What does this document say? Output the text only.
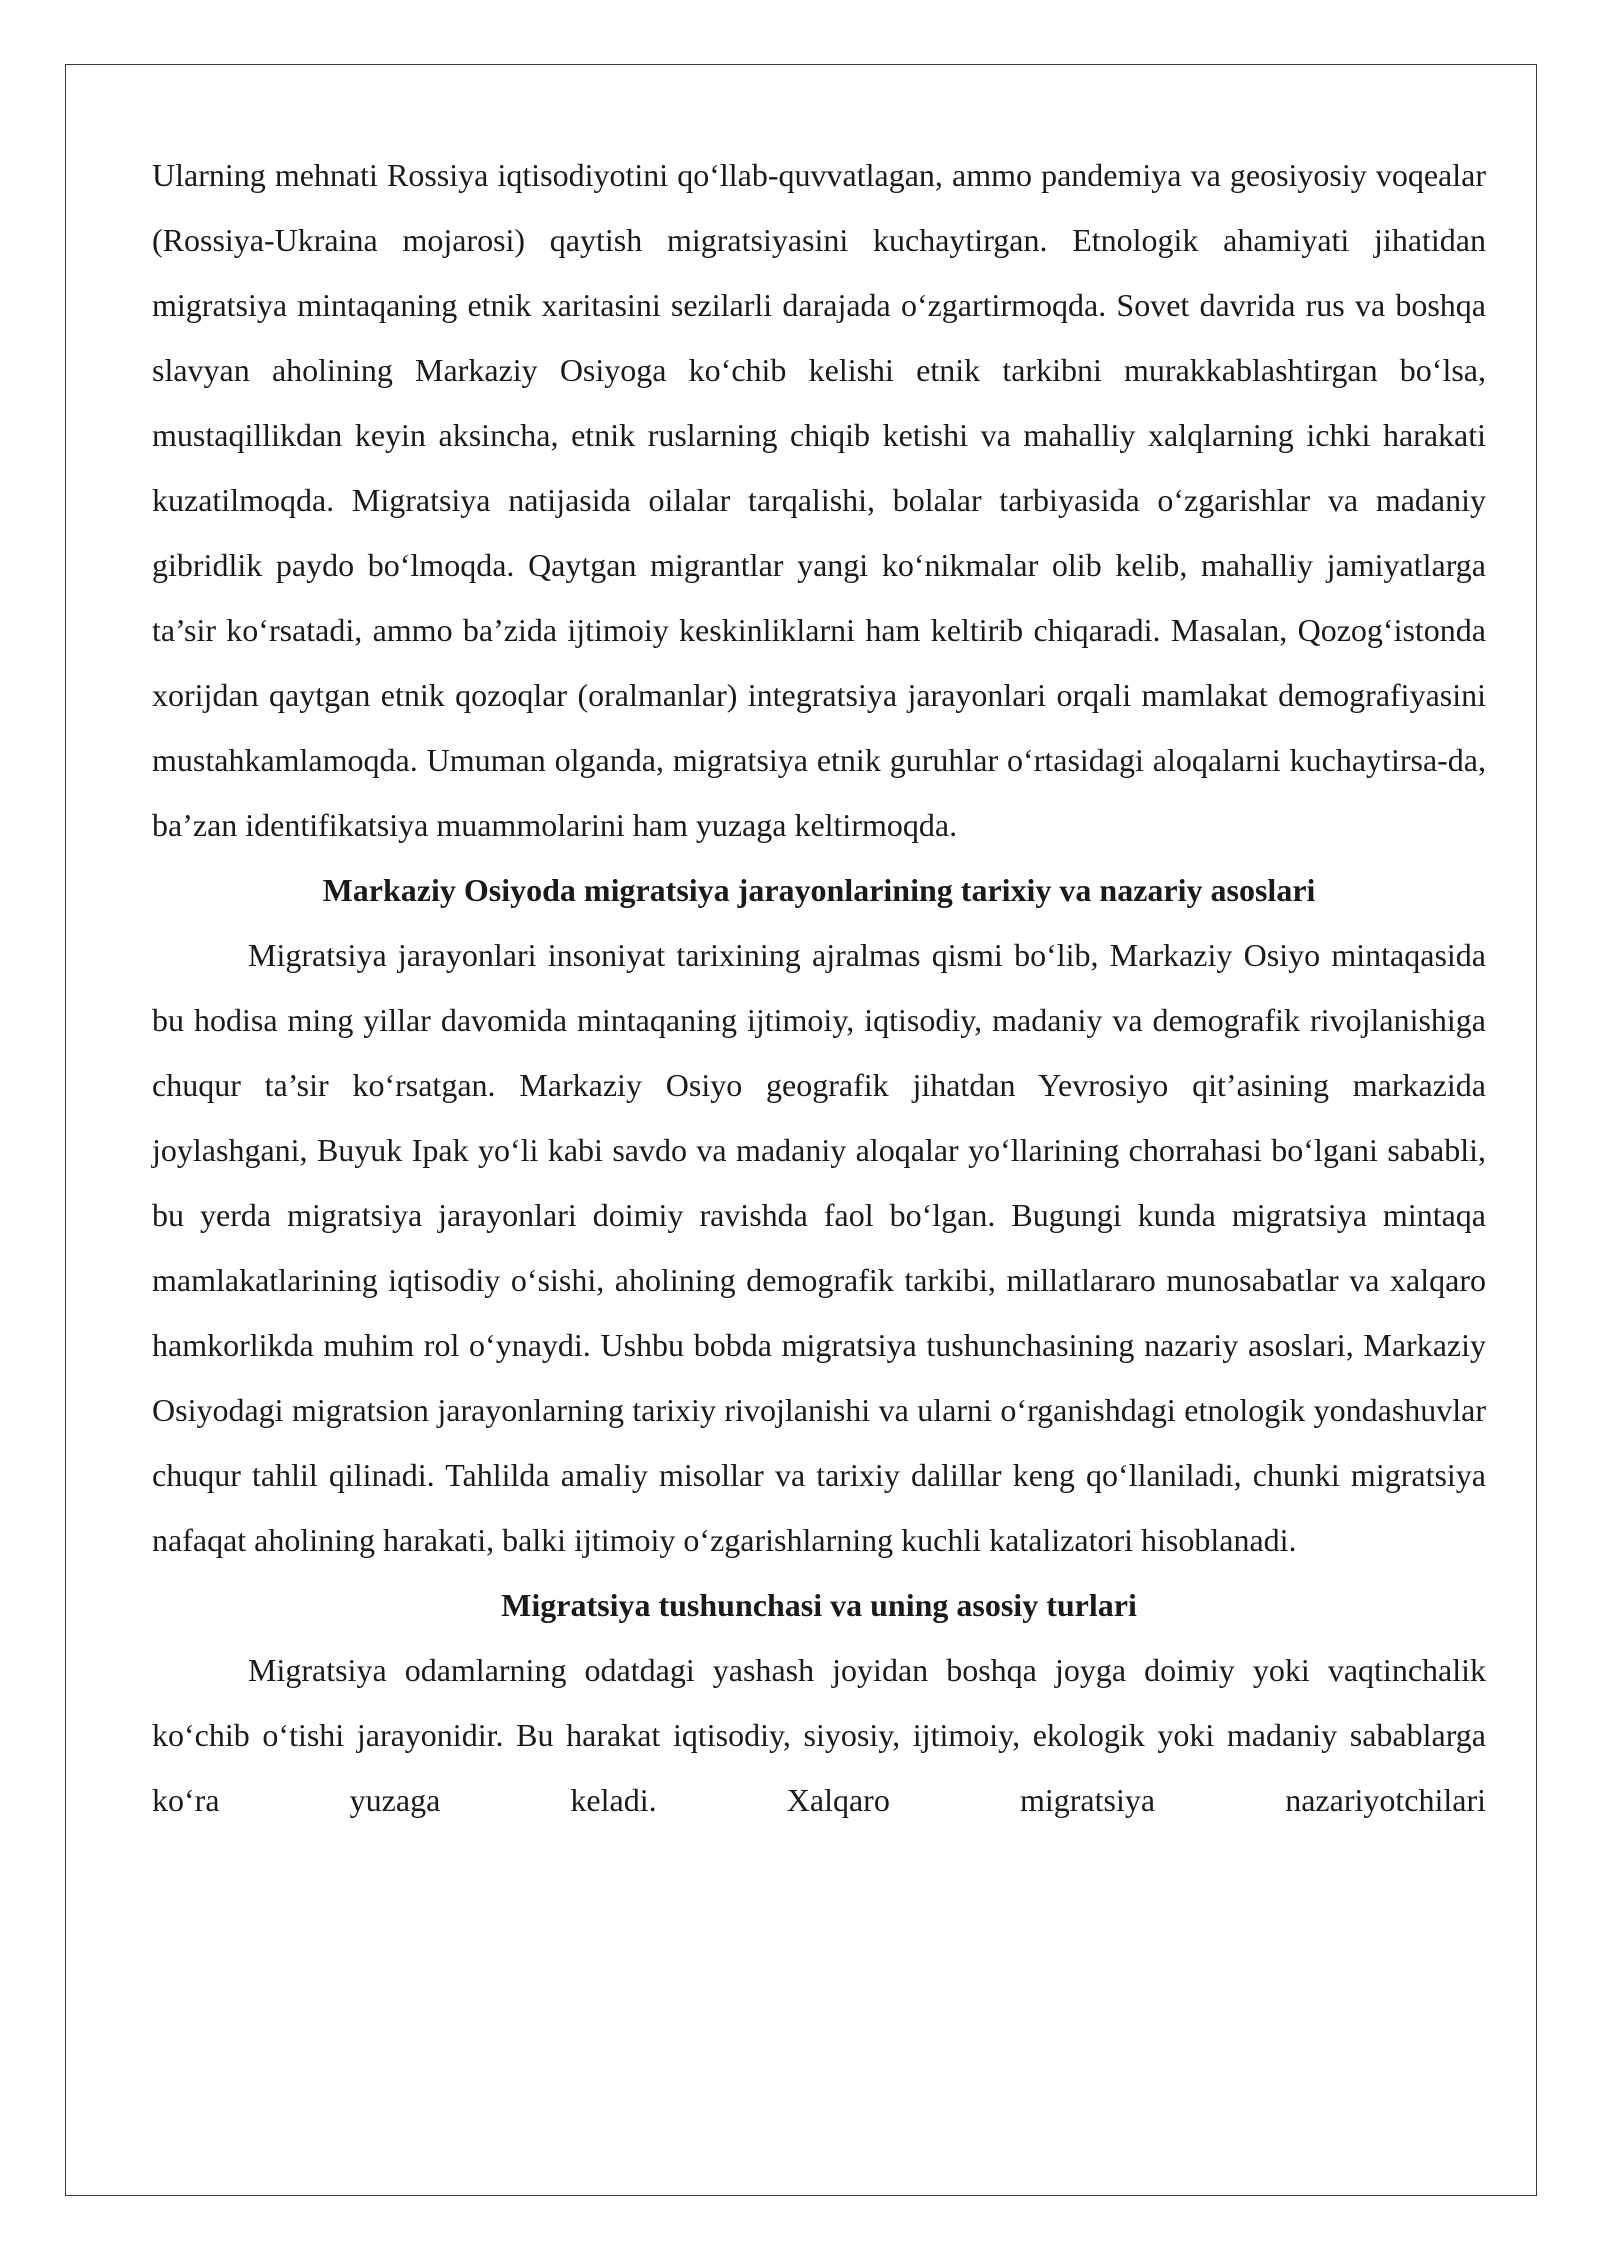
Ularning mehnati Rossiya iqtisodiyotini qo‘llab-quvvatlagan, ammo pandemiya va geosiyosiy voqealar (Rossiya-Ukraina mojarosi) qaytish migratsiyasini kuchaytirgan. Etnologik ahamiyati jihatidan migratsiya mintaqaning etnik xaritasini sezilarli darajada o‘zgartirmoqda. Sovet davrida rus va boshqa slavyan aholining Markaziy Osiyoga ko‘chib kelishi etnik tarkibni murakkablashtirgan bo‘lsa, mustaqillikdan keyin aksincha, etnik ruslarning chiqib ketishi va mahalliy xalqlarning ichki harakati kuzatilmoqda. Migratsiya natijasida oilalar tarqalishi, bolalar tarbiyasida o‘zgarishlar va madaniy gibridlik paydo bo‘lmoqda. Qaytgan migrantlar yangi ko‘nikmalar olib kelib, mahalliy jamiyatlarga ta’sir ko‘rsatadi, ammo ba’zida ijtimoiy keskinliklarni ham keltirib chiqaradi. Masalan, Qozog‘istonda xorijdan qaytgan etnik qozoqlar (oralmanlar) integratsiya jarayonlari orqali mamlakat demografiyasini mustahkamlamoqda. Umuman olganda, migratsiya etnik guruhlar o‘rtasidagi aloqalarni kuchaytirsa-da, ba’zan identifikatsiya muammolarini ham yuzaga keltirmoqda.

Markaziy Osiyoda migratsiya jarayonlarining tarixiy va nazariy asoslari

Migratsiya jarayonlari insoniyat tarixining ajralmas qismi bo‘lib, Markaziy Osiyo mintaqasida bu hodisa ming yillar davomida mintaqaning ijtimoiy, iqtisodiy, madaniy va demografik rivojlanishiga chuqur ta’sir ko‘rsatgan. Markaziy Osiyo geografik jihatdan Yevrosiyo qit’asining markazida joylashgani, Buyuk Ipak yo‘li kabi savdo va madaniy aloqalar yo‘llarining chorrahasi bo‘lgani sababli, bu yerda migratsiya jarayonlari doimiy ravishda faol bo‘lgan. Bugungi kunda migratsiya mintaqa mamlakatlarining iqtisodiy o‘sishi, aholining demografik tarkibi, millatlararo munosabatlar va xalqaro hamkorlikda muhim rol o‘ynaydi. Ushbu bobda migratsiya tushunchasining nazariy asoslari, Markaziy Osiyodagi migratsion jarayonlarning tarixiy rivojlanishi va ularni o‘rganishdagi etnologik yondashuvlar chuqur tahlil qilinadi. Tahlilda amaliy misollar va tarixiy dalillar keng qo‘llaniladi, chunki migratsiya nafaqat aholining harakati, balki ijtimoiy o‘zgarishlarning kuchli katalizatori hisoblanadi.

Migratsiya tushunchasi va uning asosiy turlari

Migratsiya odamlarning odatdagi yashash joyidan boshqa joyga doimiy yoki vaqtinchalik ko‘chib o‘tishi jarayonidir. Bu harakat iqtisodiy, siyosiy, ijtimoiy, ekologik yoki madaniy sabablarga ko‘ra yuzaga keladi. Xalqaro migratsiya nazariyotchilari
